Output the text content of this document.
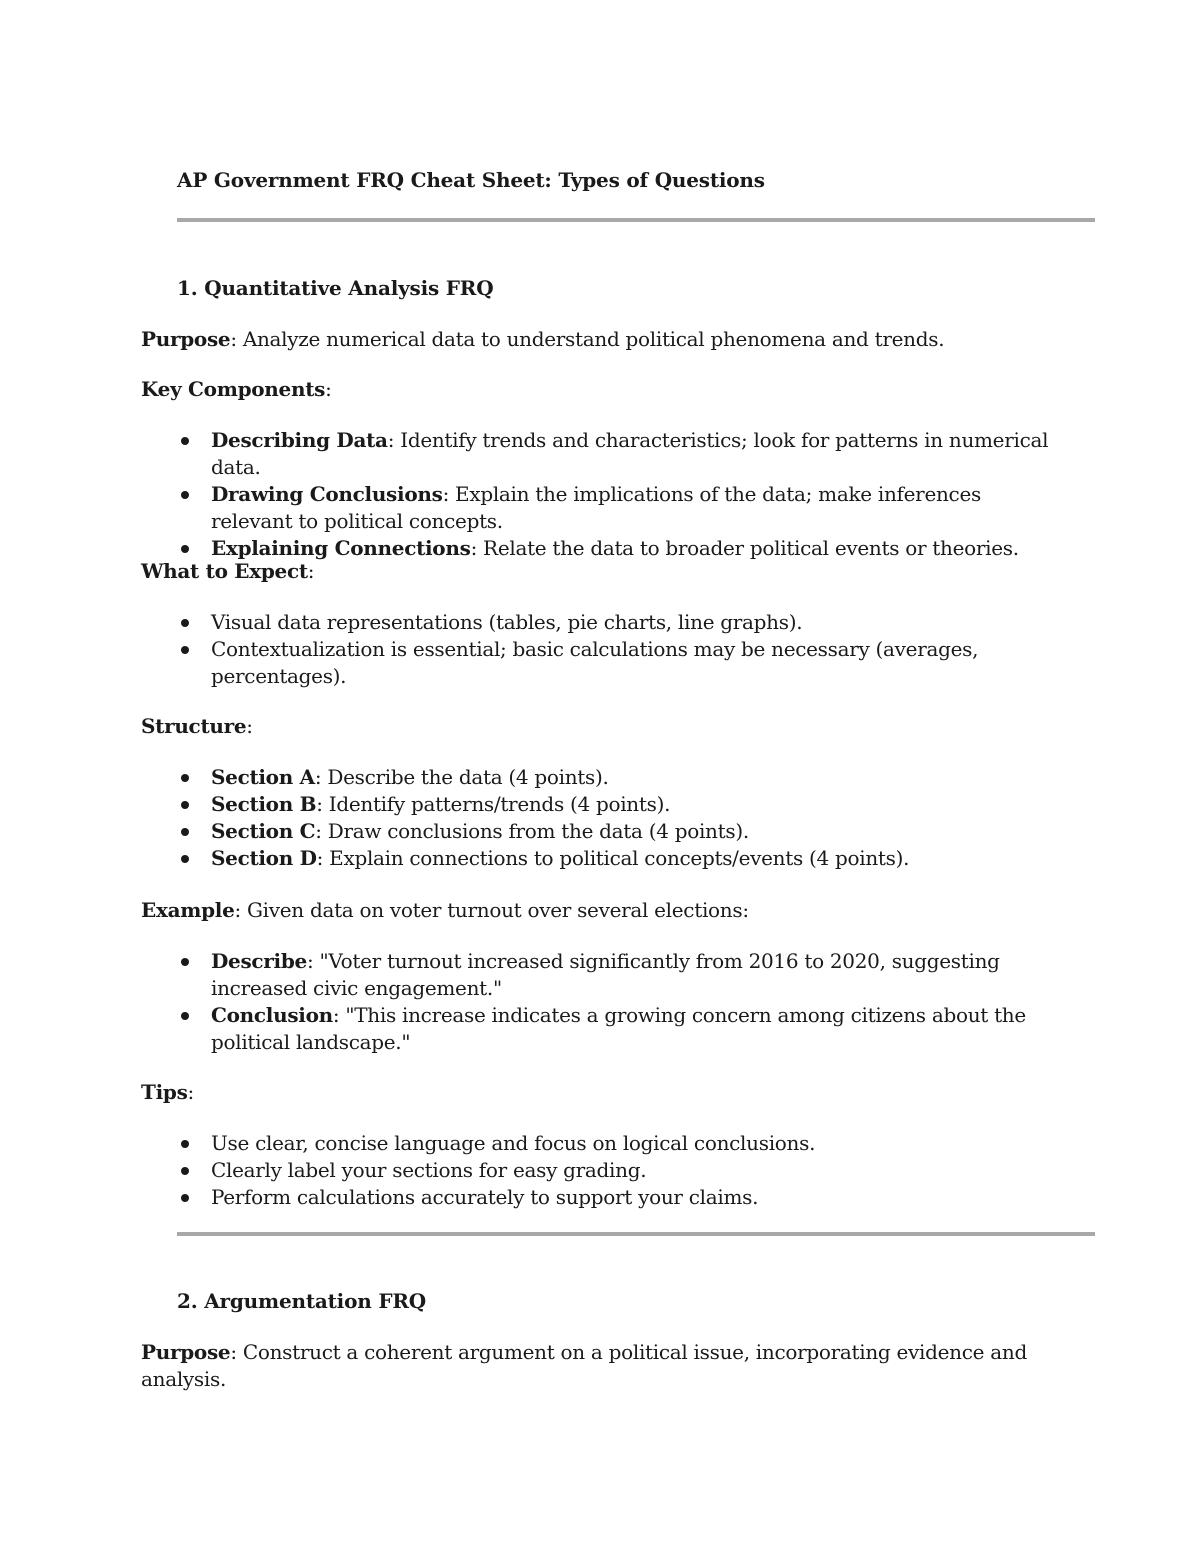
AP Government FRQ Cheat Sheet: Types of Questions
1. Quantitative Analysis FRQ

Purpose: Analyze numerical data to understand political phenomena and trends.

Key Components:

Describing Data: Identify trends and characteristics; look for patterns in numerical data.
Drawing Conclusions: Explain the implications of the data; make inferences relevant to political concepts.
Explaining Connections: Relate the data to broader political events or theories.

What to Expect:

Visual data representations (tables, pie charts, line graphs).
Contextualization is essential; basic calculations may be necessary (averages, percentages).

Structure:

Section A: Describe the data (4 points).
Section B: Identify patterns/trends (4 points).
Section C: Draw conclusions from the data (4 points).
Section D: Explain connections to political concepts/events (4 points).

Example: Given data on voter turnout over several elections:

Describe: "Voter turnout increased significantly from 2016 to 2020, suggesting increased civic engagement."
Conclusion: "This increase indicates a growing concern among citizens about the political landscape."

Tips:

Use clear, concise language and focus on logical conclusions.
Clearly label your sections for easy grading.
Perform calculations accurately to support your claims.
2. Argumentation FRQ

Purpose: Construct a coherent argument on a political issue, incorporating evidence and analysis.
